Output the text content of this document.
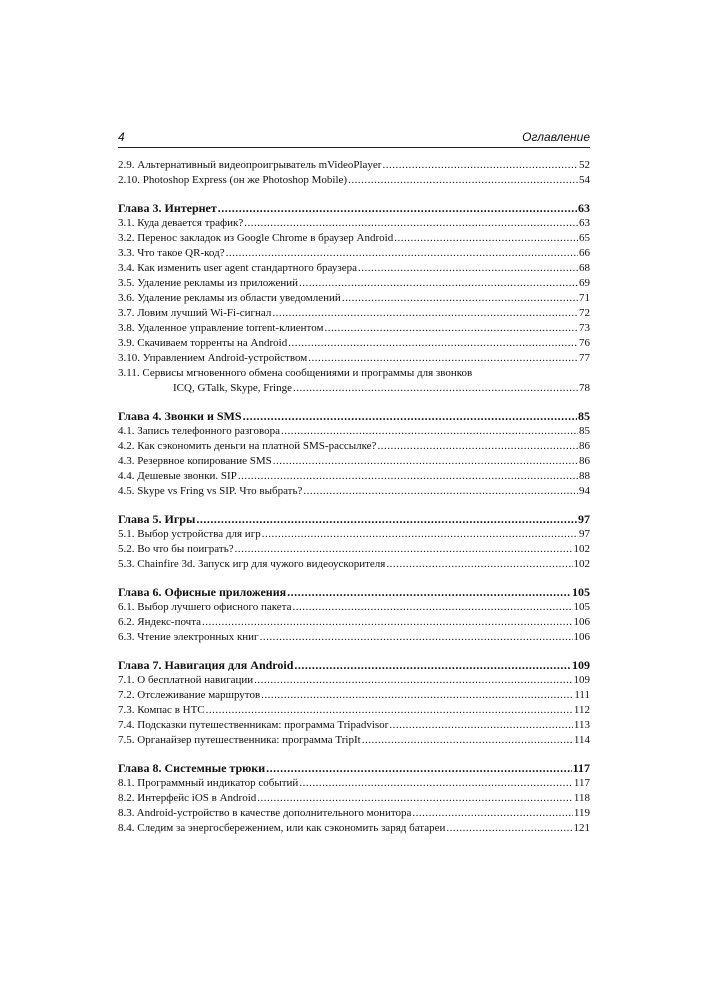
4	Оглавление
2.9. Альтернативный видеопроигрыватель mVideoPlayer .....	52
2.10. Photoshop Express (он же Photoshop Mobile) .....	54
Глава 3. Интернет .....	63
3.1. Куда девается трафик? .....	63
3.2. Перенос закладок из Google Chrome в браузер Android .....	65
3.3. Что такое QR-код? .....	66
3.4. Как изменить user agent стандартного браузера .....	68
3.5. Удаление рекламы из приложений .....	69
3.6. Удаление рекламы из области уведомлений .....	71
3.7. Ловим лучший Wi-Fi-сигнал .....	72
3.8. Удаленное управление torrent-клиентом .....	73
3.9. Скачиваем торренты на Android .....	76
3.10. Управлением Android-устройством .....	77
3.11. Сервисы мгновенного обмена сообщениями и программы для звонков
ICQ, GTalk, Skype, Fringe .....	78
Глава 4. Звонки и SMS .....	85
4.1. Запись телефонного разговора .....	85
4.2. Как сэкономить деньги на платной SMS-рассылке? .....	86
4.3. Резервное копирование SMS .....	86
4.4. Дешевые звонки. SIP .....	88
4.5. Skype vs Fring vs SIP. Что выбрать? .....	94
Глава 5. Игры .....	97
5.1. Выбор устройства для игр .....	97
5.2. Во что бы поиграть? .....	102
5.3. Chainfire 3d. Запуск игр для чужого видеоускорителя .....	102
Глава 6. Офисные приложения .....	105
6.1. Выбор лучшего офисного пакета .....	105
6.2. Яндекс-почта .....	106
6.3. Чтение электронных книг .....	106
Глава 7. Навигация для Android .....	109
7.1. О бесплатной навигации .....	109
7.2. Отслеживание маршрутов .....	111
7.3. Компас в HTC .....	112
7.4. Подсказки путешественникам: программа Tripadvisor .....	113
7.5. Органайзер путешественника: программа TripIt .....	114
Глава 8. Системные трюки .....	117
8.1. Программный индикатор событий .....	117
8.2. Интерфейс iOS в Android .....	118
8.3. Android-устройство в качестве дополнительного монитора .....	119
8.4. Следим за энергосбережением, или как сэкономить заряд батареи .....	121
